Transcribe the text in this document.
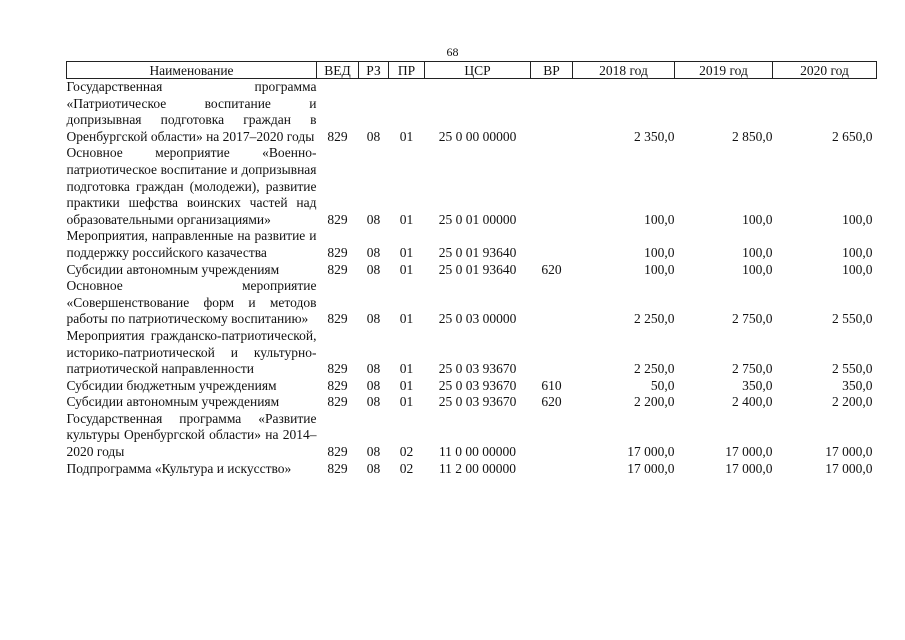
68
Наименование	ВЕД	РЗ	ПР	ЦСР	ВР	2018 год	2019 год	2020 год

Государственная программа «Патриотическое воспитание и допризывная подготовка граждан в Оренбургской области» на 2017–2020 годы	829	08	01	25 0 00 00000		2 350,0	2 850,0	2 650,0

Основное мероприятие «Военно-патриотическое воспитание и допризывная подготовка граждан (молодежи), развитие практики шефства воинских частей над образовательными организациями»	829	08	01	25 0 01 00000		100,0	100,0	100,0

Мероприятия, направленные на развитие и поддержку российского казачества	829	08	01	25 0 01 93640		100,0	100,0	100,0

Субсидии автономным учреждениям	829	08	01	25 0 01 93640	620	100,0	100,0	100,0

Основное мероприятие «Совершенствование форм и методов работы по патриотическому воспитанию»	829	08	01	25 0 03 00000		2 250,0	2 750,0	2 550,0

Мероприятия гражданско-патриотической, историко-патриотической и культурно-патриотической направленности	829	08	01	25 0 03 93670		2 250,0	2 750,0	2 550,0

Субсидии бюджетным учреждениям	829	08	01	25 0 03 93670	610	50,0	350,0	350,0

Субсидии автономным учреждениям	829	08	01	25 0 03 93670	620	2 200,0	2 400,0	2 200,0

Государственная программа «Развитие культуры Оренбургской области» на 2014–2020 годы	829	08	02	11 0 00 00000		17 000,0	17 000,0	17 000,0

Подпрограмма «Культура и искусство»	829	08	02	11 2 00 00000		17 000,0	17 000,0	17 000,0
